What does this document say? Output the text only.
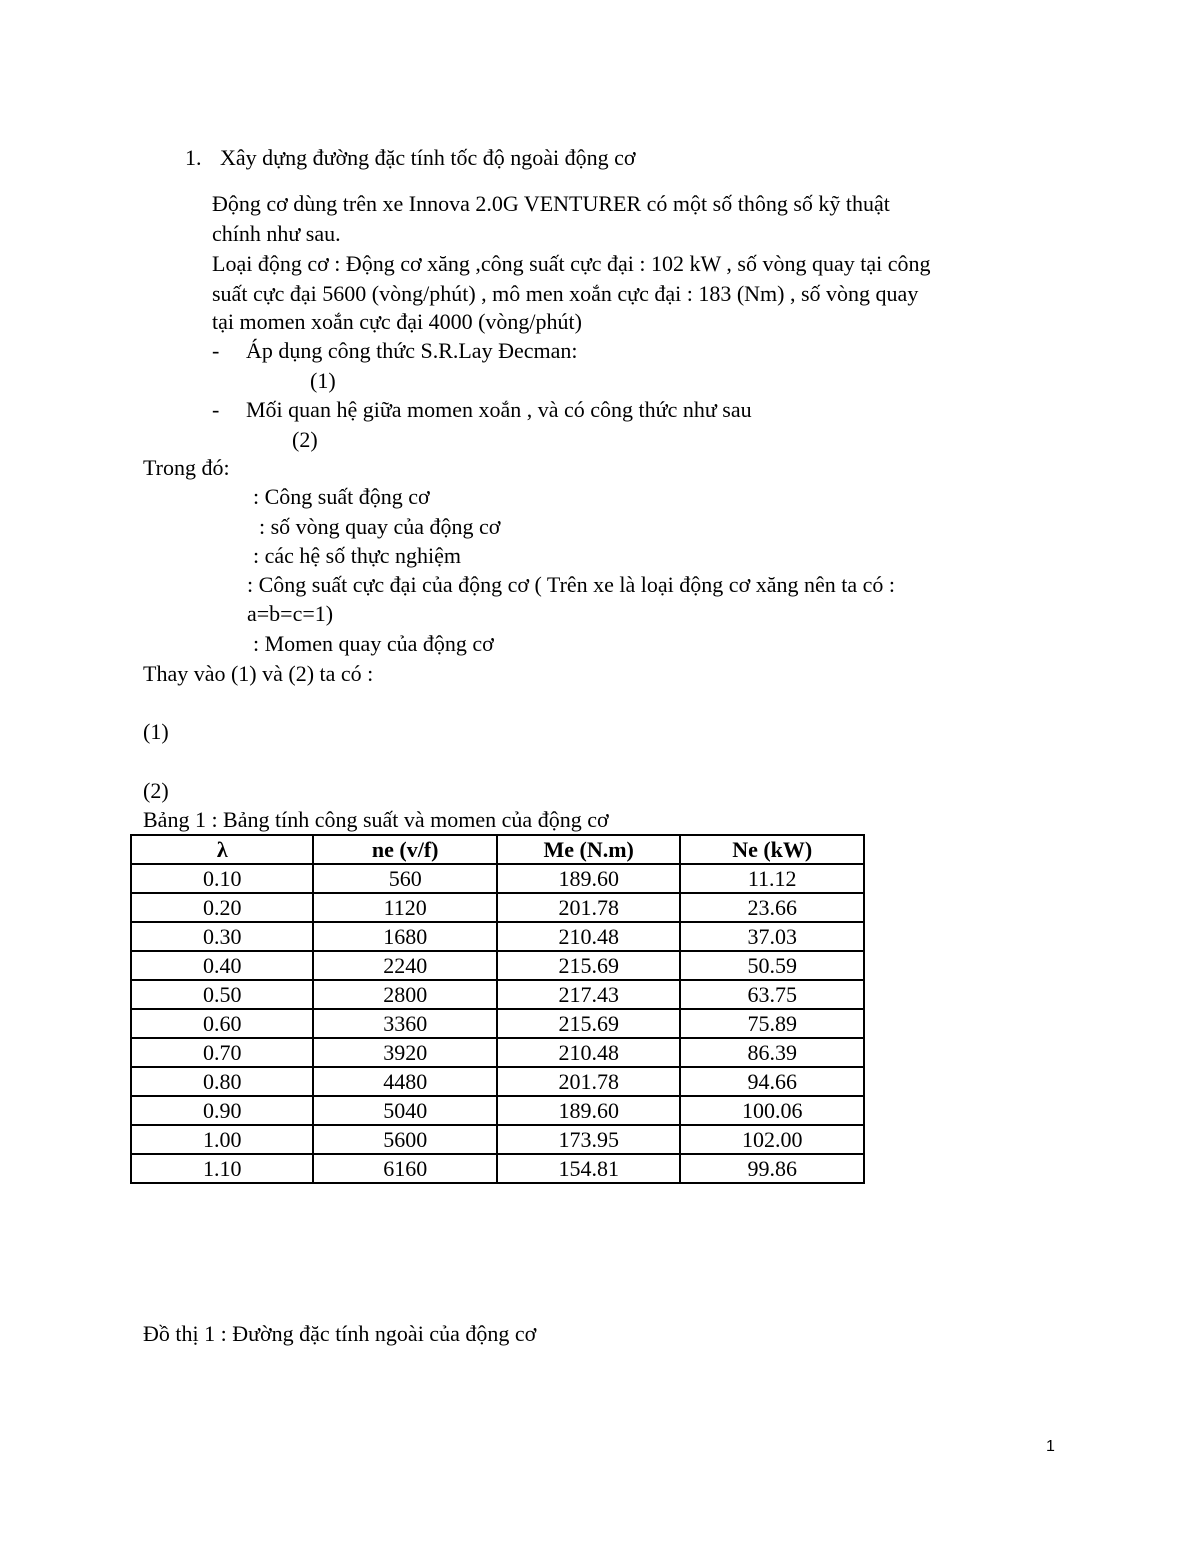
1. Xây dựng đường đặc tính tốc độ ngoài động cơ
Động cơ dùng trên xe Innova 2.0G VENTURER có một số thông số kỹ thuật
chính như sau.
Loại động cơ : Động cơ xăng ,công suất cực đại : 102 kW , số vòng quay tại công
suất cực đại 5600 (vòng/phút) , mô men xoắn cực đại : 183 (Nm) , số vòng quay
tại momen xoắn cực đại 4000 (vòng/phút)
- Áp dụng công thức S.R.Lay Đecman:
(1)
- Mối quan hệ giữa momen xoắn , và có công thức như sau
(2)
Trong đó:
: Công suất động cơ
: số vòng quay của động cơ
: các hệ số thực nghiệm
: Công suất cực đại của động cơ ( Trên xe là loại động cơ xăng nên ta có :
a=b=c=1)
: Momen quay của động cơ
Thay vào (1) và (2) ta có :
(1)
(2)
Bảng 1 : Bảng tính công suất và momen của động cơ
λ	ne (v/f)	Me (N.m)	Ne (kW)
0.10	560	189.60	11.12
0.20	1120	201.78	23.66
0.30	1680	210.48	37.03
0.40	2240	215.69	50.59
0.50	2800	217.43	63.75
0.60	3360	215.69	75.89
0.70	3920	210.48	86.39
0.80	4480	201.78	94.66
0.90	5040	189.60	100.06
1.00	5600	173.95	102.00
1.10	6160	154.81	99.86
Đồ thị 1 : Đường đặc tính ngoài của động cơ
1
